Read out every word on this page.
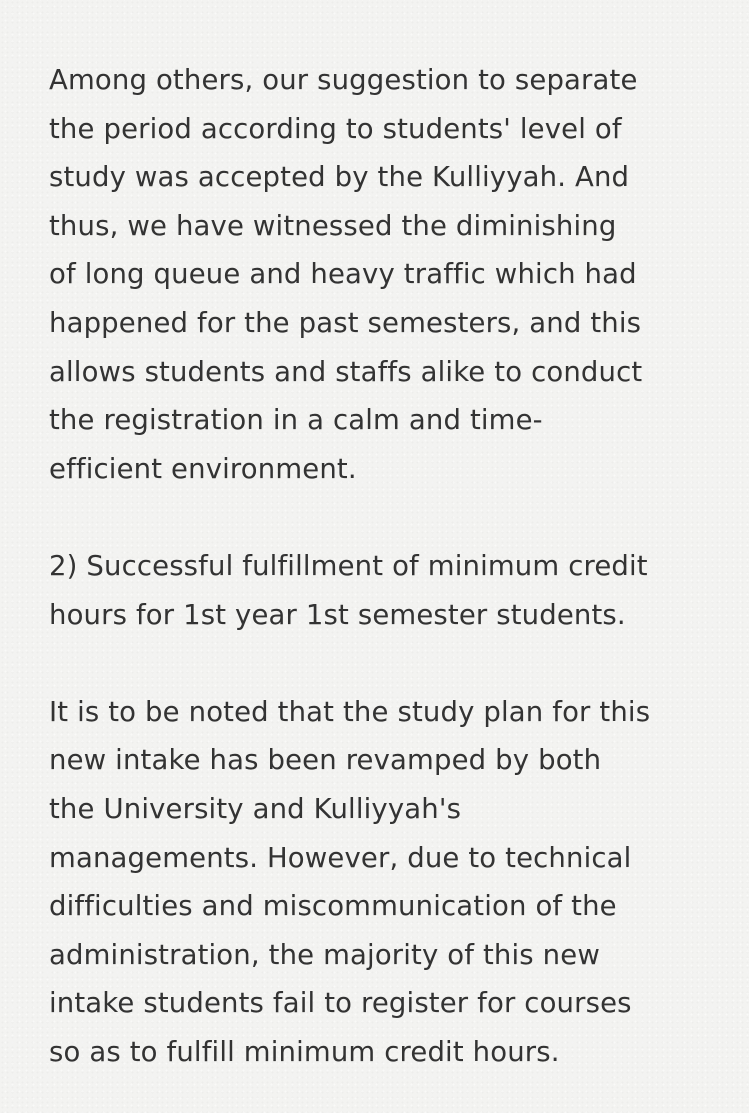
Among others, our suggestion to separate
the period according to students' level of
study was accepted by the Kulliyyah. And
thus, we have witnessed the diminishing
of long queue and heavy traffic which had
happened for the past semesters, and this
allows students and staffs alike to conduct
the registration in a calm and time-
efficient environment.

2) Successful fulfillment of minimum credit
hours for 1st year 1st semester students.

It is to be noted that the study plan for this
new intake has been revamped by both
the University and Kulliyyah's
managements. However, due to technical
difficulties and miscommunication of the
administration, the majority of this new
intake students fail to register for courses
so as to fulfill minimum credit hours.
